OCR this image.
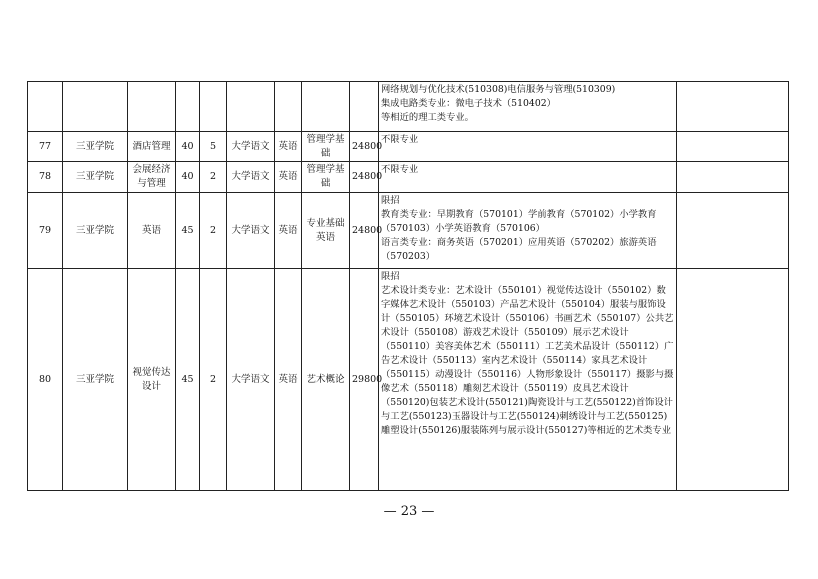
									网络规划与优化技术(510308)电信服务与管理(510309)
集成电路类专业：微电子技术（510402）
等相近的理工类专业。	
77	三亚学院	酒店管理	40	5	大学语文	英语	管理学基础	24800	不限专业	
78	三亚学院	会展经济与管理	40	2	大学语文	英语	管理学基础	24800	不限专业	
79	三亚学院	英语	45	2	大学语文	英语	专业基础英语	24800	限招
教育类专业：早期教育（570101）学前教育（570102）小学教育（570103）小学英语教育（570106）
语言类专业：商务英语（570201）应用英语（570202）旅游英语（570203）	
80	三亚学院	视觉传达设计	45	2	大学语文	英语	艺术概论	29800	限招
艺术设计类专业：艺术设计（550101）视觉传达设计（550102）数字媒体艺术设计（550103）产品艺术设计（550104）服装与服饰设计（550105）环境艺术设计（550106）书画艺术（550107）公共艺术设计（550108）游戏艺术设计（550109）展示艺术设计（550110）美容美体艺术（550111）工艺美术品设计（550112）广告艺术设计（550113）室内艺术设计（550114）家具艺术设计（550115）动漫设计（550116）人物形象设计（550117）摄影与摄像艺术（550118）雕刻艺术设计（550119）皮具艺术设计（550120)包装艺术设计(550121)陶瓷设计与工艺(550122)首饰设计与工艺(550123)玉器设计与工艺(550124)刺绣设计与工艺(550125)雕塑设计(550126)服装陈列与展示设计(550127)等相近的艺术类专业	
— 23 —
